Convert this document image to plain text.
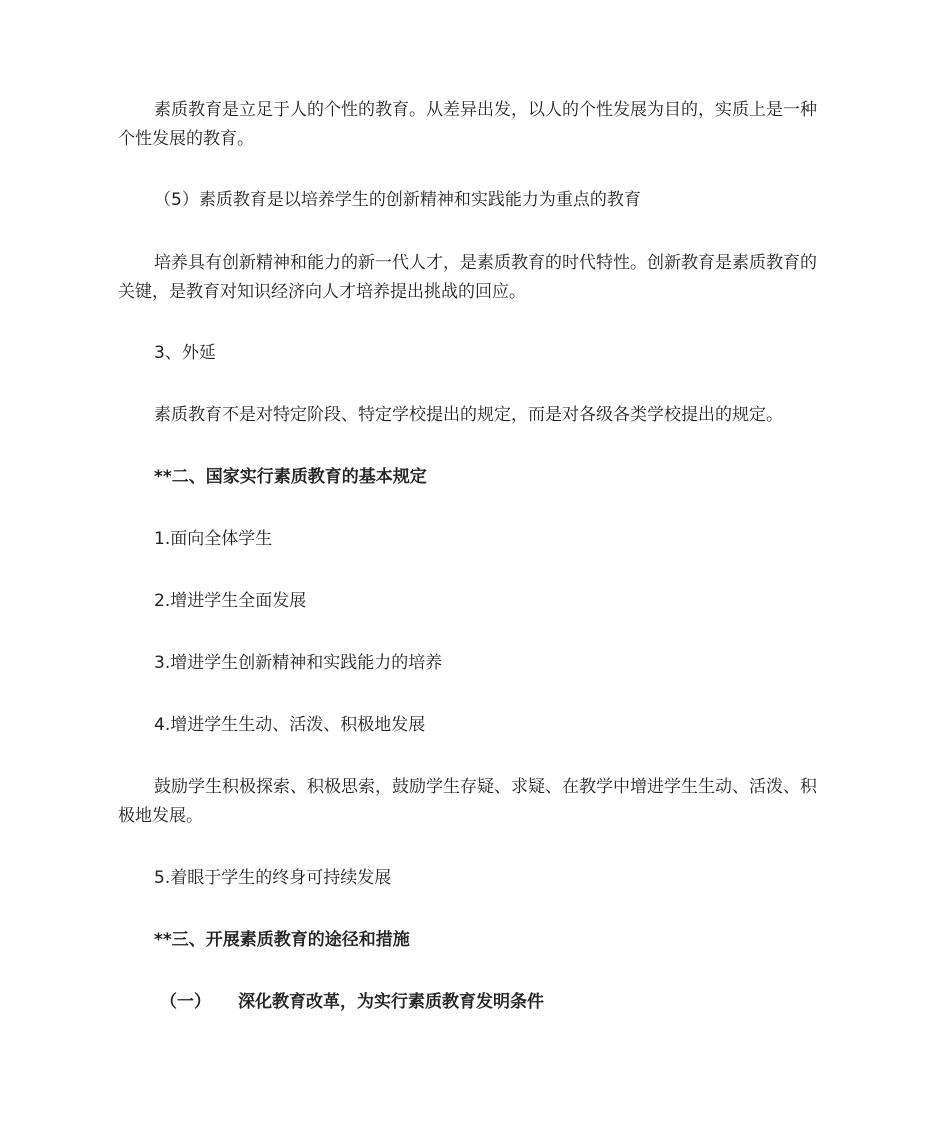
素质教育是立足于人的个性的教育。从差异出发，以人的个性发展为目的，实质上是一种个性发展的教育。

（5）素质教育是以培养学生的创新精神和实践能力为重点的教育

培养具有创新精神和能力的新一代人才，是素质教育的时代特性。创新教育是素质教育的关键，是教育对知识经济向人才培养提出挑战的回应。

3、外延

素质教育不是对特定阶段、特定学校提出的规定，而是对各级各类学校提出的规定。

**二、国家实行素质教育的基本规定

1.面向全体学生

2.增进学生全面发展

3.增进学生创新精神和实践能力的培养

4.增进学生生动、活泼、积极地发展

鼓励学生积极探索、积极思索，鼓励学生存疑、求疑、在教学中增进学生生动、活泼、积极地发展。

5.着眼于学生的终身可持续发展

**三、开展素质教育的途径和措施

（一） 深化教育改革，为实行素质教育发明条件
